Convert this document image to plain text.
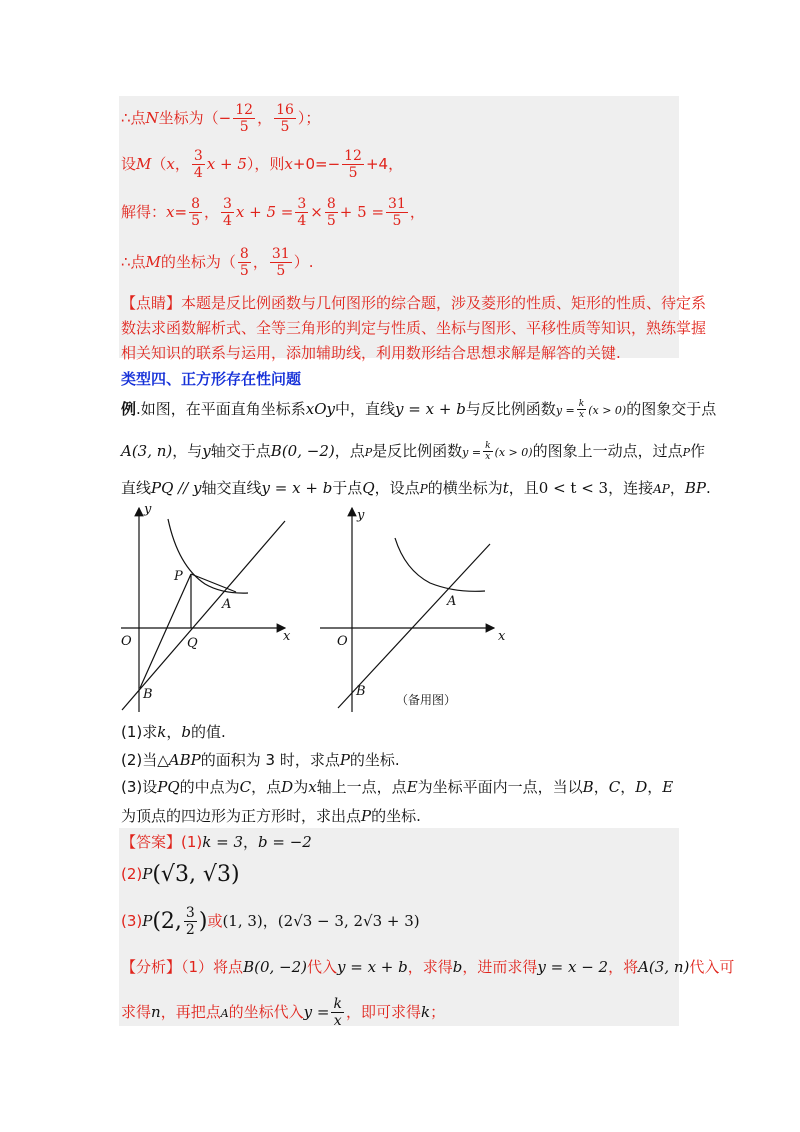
∴点N坐标为（− $\frac{12}{5}$ ， $\frac{16}{5}$ ）；
设M（x， $\frac{3}{4}$ x + 5），则$x+0=- \frac{12}{5} +4$，
解得：$x= \frac{8}{5}$ ， $\frac{3}{4}$ $x + 5 = \frac{3}{4} \times \frac{8}{5} + 5 = \frac{31}{5}$ ，
∴点M的坐标为（ $\frac{8}{5}$ ， $\frac{31}{5}$ ）.
【点睛】本题是反比例函数与几何图形的综合题，涉及菱形的性质、矩形的性质、待定系
数法求函数解析式、全等三角形的判定与性质、坐标与图形、平移性质等知识，熟练掌握
相关知识的联系与运用，添加辅助线，利用数形结合思想求解是解答的关键.
类型四、正方形存在性问题
例.如图，在平面直角坐标系xOy中，直线y = x + b与反比例函数$y = \frac{k}{x} (x > 0)$的图象交于点
A(3, n)，与y轴交于点B(0, −2)，点P是反比例函数$y = \frac{k}{x} (x > 0)$的图象上一动点，过点P作
直线PQ // y轴交直线y = x + b于点Q，设点P的横坐标为t，且0 < t < 3，连接AP，BP.
y
x
O
P
A
Q
B
y
x
O
A
B
（备用图）
(1)求k，b的值.
(2)当△ABP的面积为 3 时，求点P的坐标.
(3)设PQ的中点为C，点D为x轴上一点，点E为坐标平面内一点，当以B，C，D，E
为顶点的四边形为正方形时，求出点P的坐标.
【答案】(1)k = 3，b = −2
(2)P(√3, √3)
(3)P(2, $\frac{3}{2}$ )或(1, 3)，(2√3 − 3, 2√3 + 3)
【分析】（1）将点B(0, −2)代入y = x + b，求得b，进而求得y = x − 2，将A(3, n)代入可
求得n，再把点A的坐标代入$y = \frac{k}{x}$ ，即可求得k；
